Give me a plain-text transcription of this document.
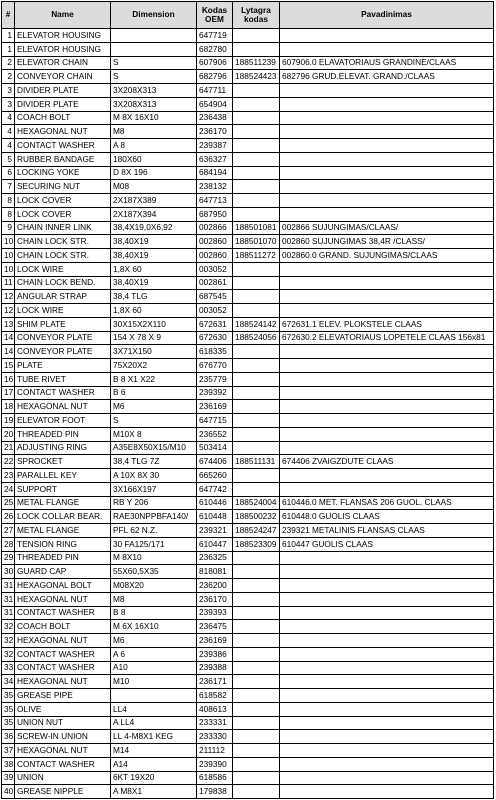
#	Name	Dimension	Kodas OEM	Lytagra kodas	Pavadinimas
1	ELEVATOR HOUSING		647719		
1	ELEVATOR HOUSING		682780		
2	ELEVATOR CHAIN	S	607906	188511239	607906.0 ELAVATORIAUS GRANDINE/CLAAS
2	CONVEYOR CHAIN	S	682796	188524423	682796 GRUD.ELEVAT. GRAND./CLAAS
3	DIVIDER PLATE	3X208X313	647711		
3	DIVIDER PLATE	3X208X313	654904		
4	COACH BOLT	M 8X 16X10	236438		
4	HEXAGONAL NUT	M8	236170		
4	CONTACT WASHER	A 8	239387		
5	RUBBER BANDAGE	180X60	636327		
6	LOCKING YOKE	D 8X 196	684194		
7	SECURING NUT	M08	238132		
8	LOCK COVER	2X187X389	647713		
8	LOCK COVER	2X187X394	687950		
9	CHAIN INNER LINK	38,4X19,0X6,92	002866	188501081	002866 SUJUNGIMAS/CLAAS/
10	CHAIN LOCK STR.	38,40X19	002860	188501070	002860 SUJUNGIMAS 38,4R /CLASS/
10	CHAIN LOCK STR.	38,40X19	002860	188511272	002860.0 GRAND. SUJUNGIMAS/CLAAS
10	LOCK WIRE	1,8X 60	003052		
11	CHAIN LOCK BEND.	38,40X19	002861		
12	ANGULAR STRAP	38,4 TLG	687545		
12	LOCK WIRE	1,8X 60	003052		
13	SHIM PLATE	30X15X2X110	672631	188524142	672631.1 ELEV. PLOKSTELE CLAAS
14	CONVEYOR PLATE	154 X 78 X 9	672630	188524056	672630.2 ELEVATORIAUS LOPETELE CLAAS 156x81
14	CONVEYOR PLATE	3X71X150	618335		
15	PLATE	75X20X2	676770		
16	TUBE RIVET	B 8 X1 X22	235779		
17	CONTACT WASHER	B 6	239392		
18	HEXAGONAL NUT	M6	236169		
19	ELEVATOR FOOT	S	647715		
20	THREADED PIN	M10X 8	236552		
21	ADJUSTING RING	A35E8X50X15/M10	503414		
22	SPROCKET	38,4 TLG 7Z	674406	188511131	674406 ZVAIGZDUTE CLAAS
23	PARALLEL KEY	A 10X 8X 30	665260		
24	SUPPORT	3X166X197	647742		
25	METAL FLANGE	RB Y 206	610446	188524004	610446.0 MET. FLANSAS 206 GUOL. CLAAS
26	LOCK COLLAR BEAR.	RAE30NPPBFA140/	610448	188500232	610448.0 GUOLIS CLAAS
27	METAL FLANGE	PFL 62 N.Z.	239321	188524247	239321 METALINIS FLANSAS CLAAS
28	TENSION RING	30 FA125/171	610447	188523309	610447 GUOLIS CLAAS
29	THREADED PIN	M 8X10	236325		
30	GUARD CAP	55X60,5X35	818081		
31	HEXAGONAL BOLT	M08X20	236200		
31	HEXAGONAL NUT	M8	236170		
31	CONTACT WASHER	B 8	239393		
32	COACH BOLT	M 6X 16X10	236475		
32	HEXAGONAL NUT	M6	236169		
32	CONTACT WASHER	A 6	239386		
33	CONTACT WASHER	A10	239388		
34	HEXAGONAL NUT	M10	236171		
35	GREASE PIPE		618582		
35	OLIVE	LL4	408613		
35	UNION NUT	A LL4	233331		
36	SCREW-IN UNION	LL 4-M8X1 KEG	233330		
37	HEXAGONAL NUT	M14	211112		
38	CONTACT WASHER	A14	239390		
39	UNION	6KT 19X20	618586		
40	GREASE NIPPLE	A M8X1	179838		
